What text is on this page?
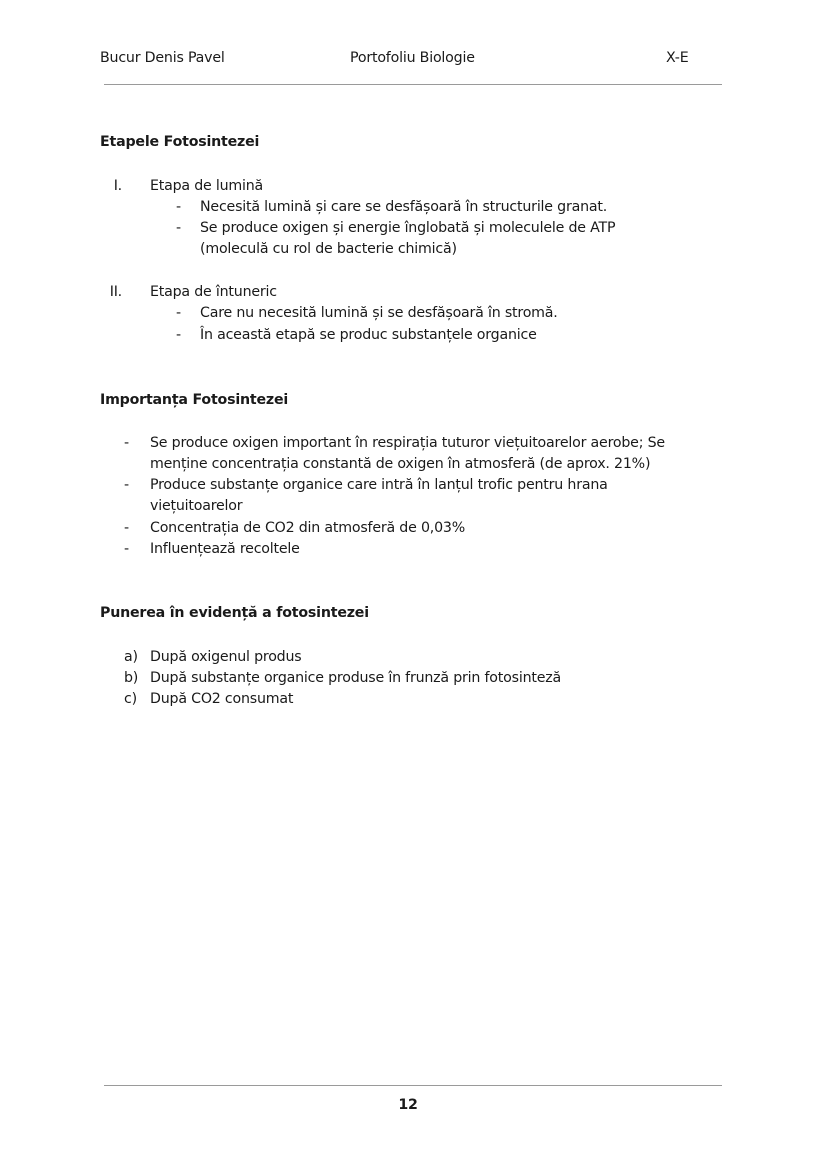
Bucur Denis Pavel	Portofoliu Biologie	X-E
Etapele Fotosintezei
I. Etapa de lumină
- Necesită lumină și care se desfășoară în structurile granat.
- Se produce oxigen și energie înglobată și moleculele de ATP
(moleculă cu rol de bacterie chimică)
II. Etapa de întuneric
- Care nu necesită lumină și se desfășoară în stromă.
- În această etapă se produc substanțele organice
Importanța Fotosintezei
- Se produce oxigen important în respirația tuturor viețuitoarelor aerobe; Se
menține concentrația constantă de oxigen în atmosferă (de aprox. 21%)
- Produce substanțe organice care intră în lanțul trofic pentru hrana
viețuitoarelor
- Concentrația de CO2 din atmosferă de 0,03%
- Influențează recoltele
Punerea în evidență a fotosintezei
a) După oxigenul produs
b) După substanțe organice produse în frunză prin fotosinteză
c) După CO2 consumat
12
